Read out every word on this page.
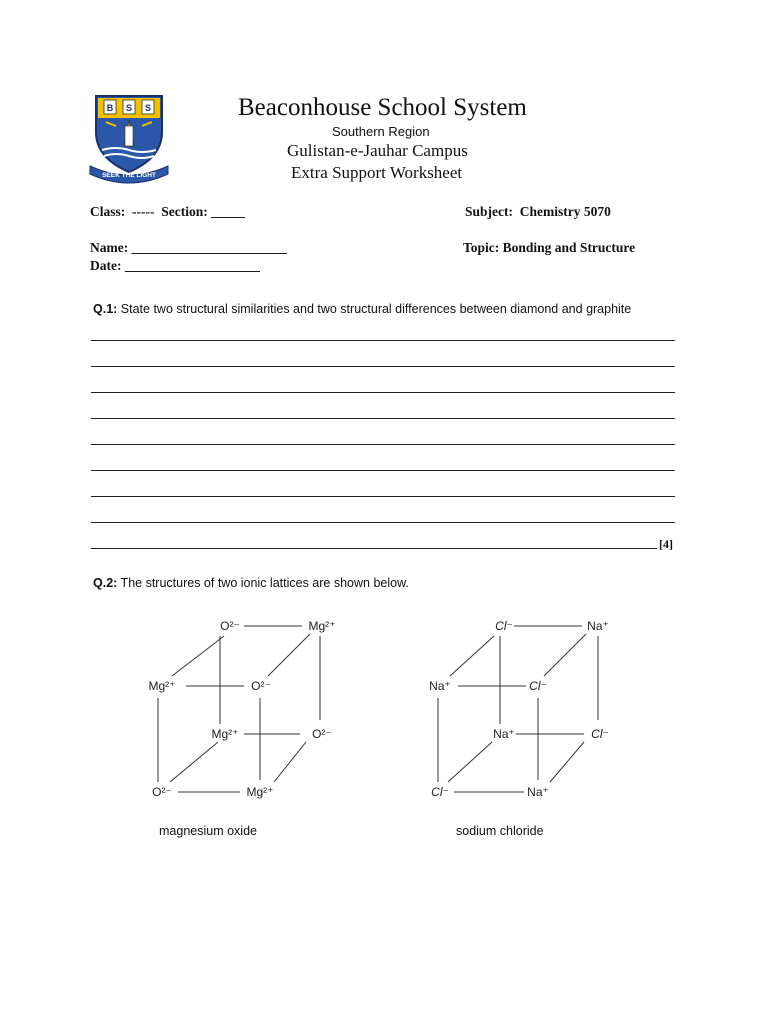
B S S
SEEK THE LIGHT
Beaconhouse School System
Southern Region
Gulistan-e-Jauhar Campus
Extra Support Worksheet
Class:  -----  Section: _____	Subject:  Chemistry 5070
Name: _______________________	Topic: Bonding and Structure
Date: ____________________
Q.1: State two structural similarities and two structural differences between diamond and graphite
[4]
Q.2: The structures of two ionic lattices are shown below.
O²⁻	Mg²⁺
Mg²⁺	O²⁻
Mg²⁺	O²⁻
O²⁻	Mg²⁺
magnesium oxide
Cl⁻	Na⁺
Na⁺	Cl⁻
Na⁺	Cl⁻
Cl⁻	Na⁺
sodium chloride
